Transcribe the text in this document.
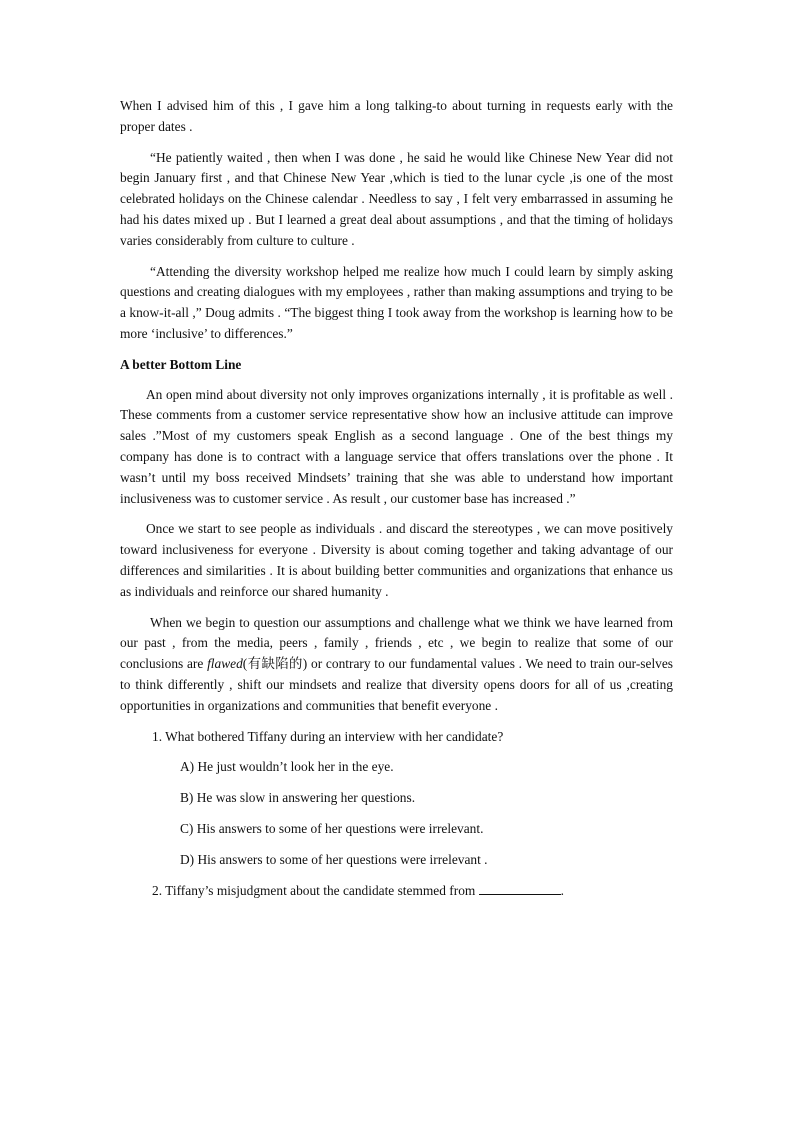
When I advised him of this , I gave him a long talking-to about turning in requests early with the proper dates .

“He patiently waited , then when I was done , he said he would like Chinese New Year did not begin January first , and that Chinese New Year ,which is tied to the lunar cycle ,is one of the most celebrated holidays on the Chinese calendar . Needless to say , I felt very embarrassed in assuming he had his dates mixed up . But I learned a great deal about assumptions , and that the timing of holidays varies considerably from culture to culture .

“Attending the diversity workshop helped me realize how much I could learn by simply asking questions and creating dialogues with my employees , rather than making assumptions and trying to be a know-it-all ,” Doug admits . “The biggest thing I took away from the workshop is learning how to be more ‘inclusive’ to differences.”

A better Bottom Line

An open mind about diversity not only improves organizations internally , it is profitable as well . These comments from a customer service representative show how an inclusive attitude can improve sales .”Most of my customers speak English as a second language . One of the best things my company has done is to contract with a language service that offers translations over the phone . It wasn’t until my boss received Mindsets’ training that she was able to understand how important inclusiveness was to customer service . As result , our customer base has increased .”

Once we start to see people as individuals . and discard the stereotypes , we can move positively toward inclusiveness for everyone . Diversity is about coming together and taking advantage of our differences and similarities . It is about building better communities and organizations that enhance us as individuals and reinforce our shared humanity .

When we begin to question our assumptions and challenge what we think we have learned from our past , from the media, peers , family , friends , etc , we begin to realize that some of our conclusions are flawed(有缺陷的) or contrary to our fundamental values . We need to train our-selves to think differently , shift our mindsets and realize that diversity opens doors for all of us ,creating opportunities in organizations and communities that benefit everyone .

1. What bothered Tiffany during an interview with her candidate?

A) He just wouldn’t look her in the eye.

B) He was slow in answering her questions.

C) His answers to some of her questions were irrelevant.

D) His answers to some of her questions were irrelevant .

2. Tiffany’s misjudgment about the candidate stemmed from	.
